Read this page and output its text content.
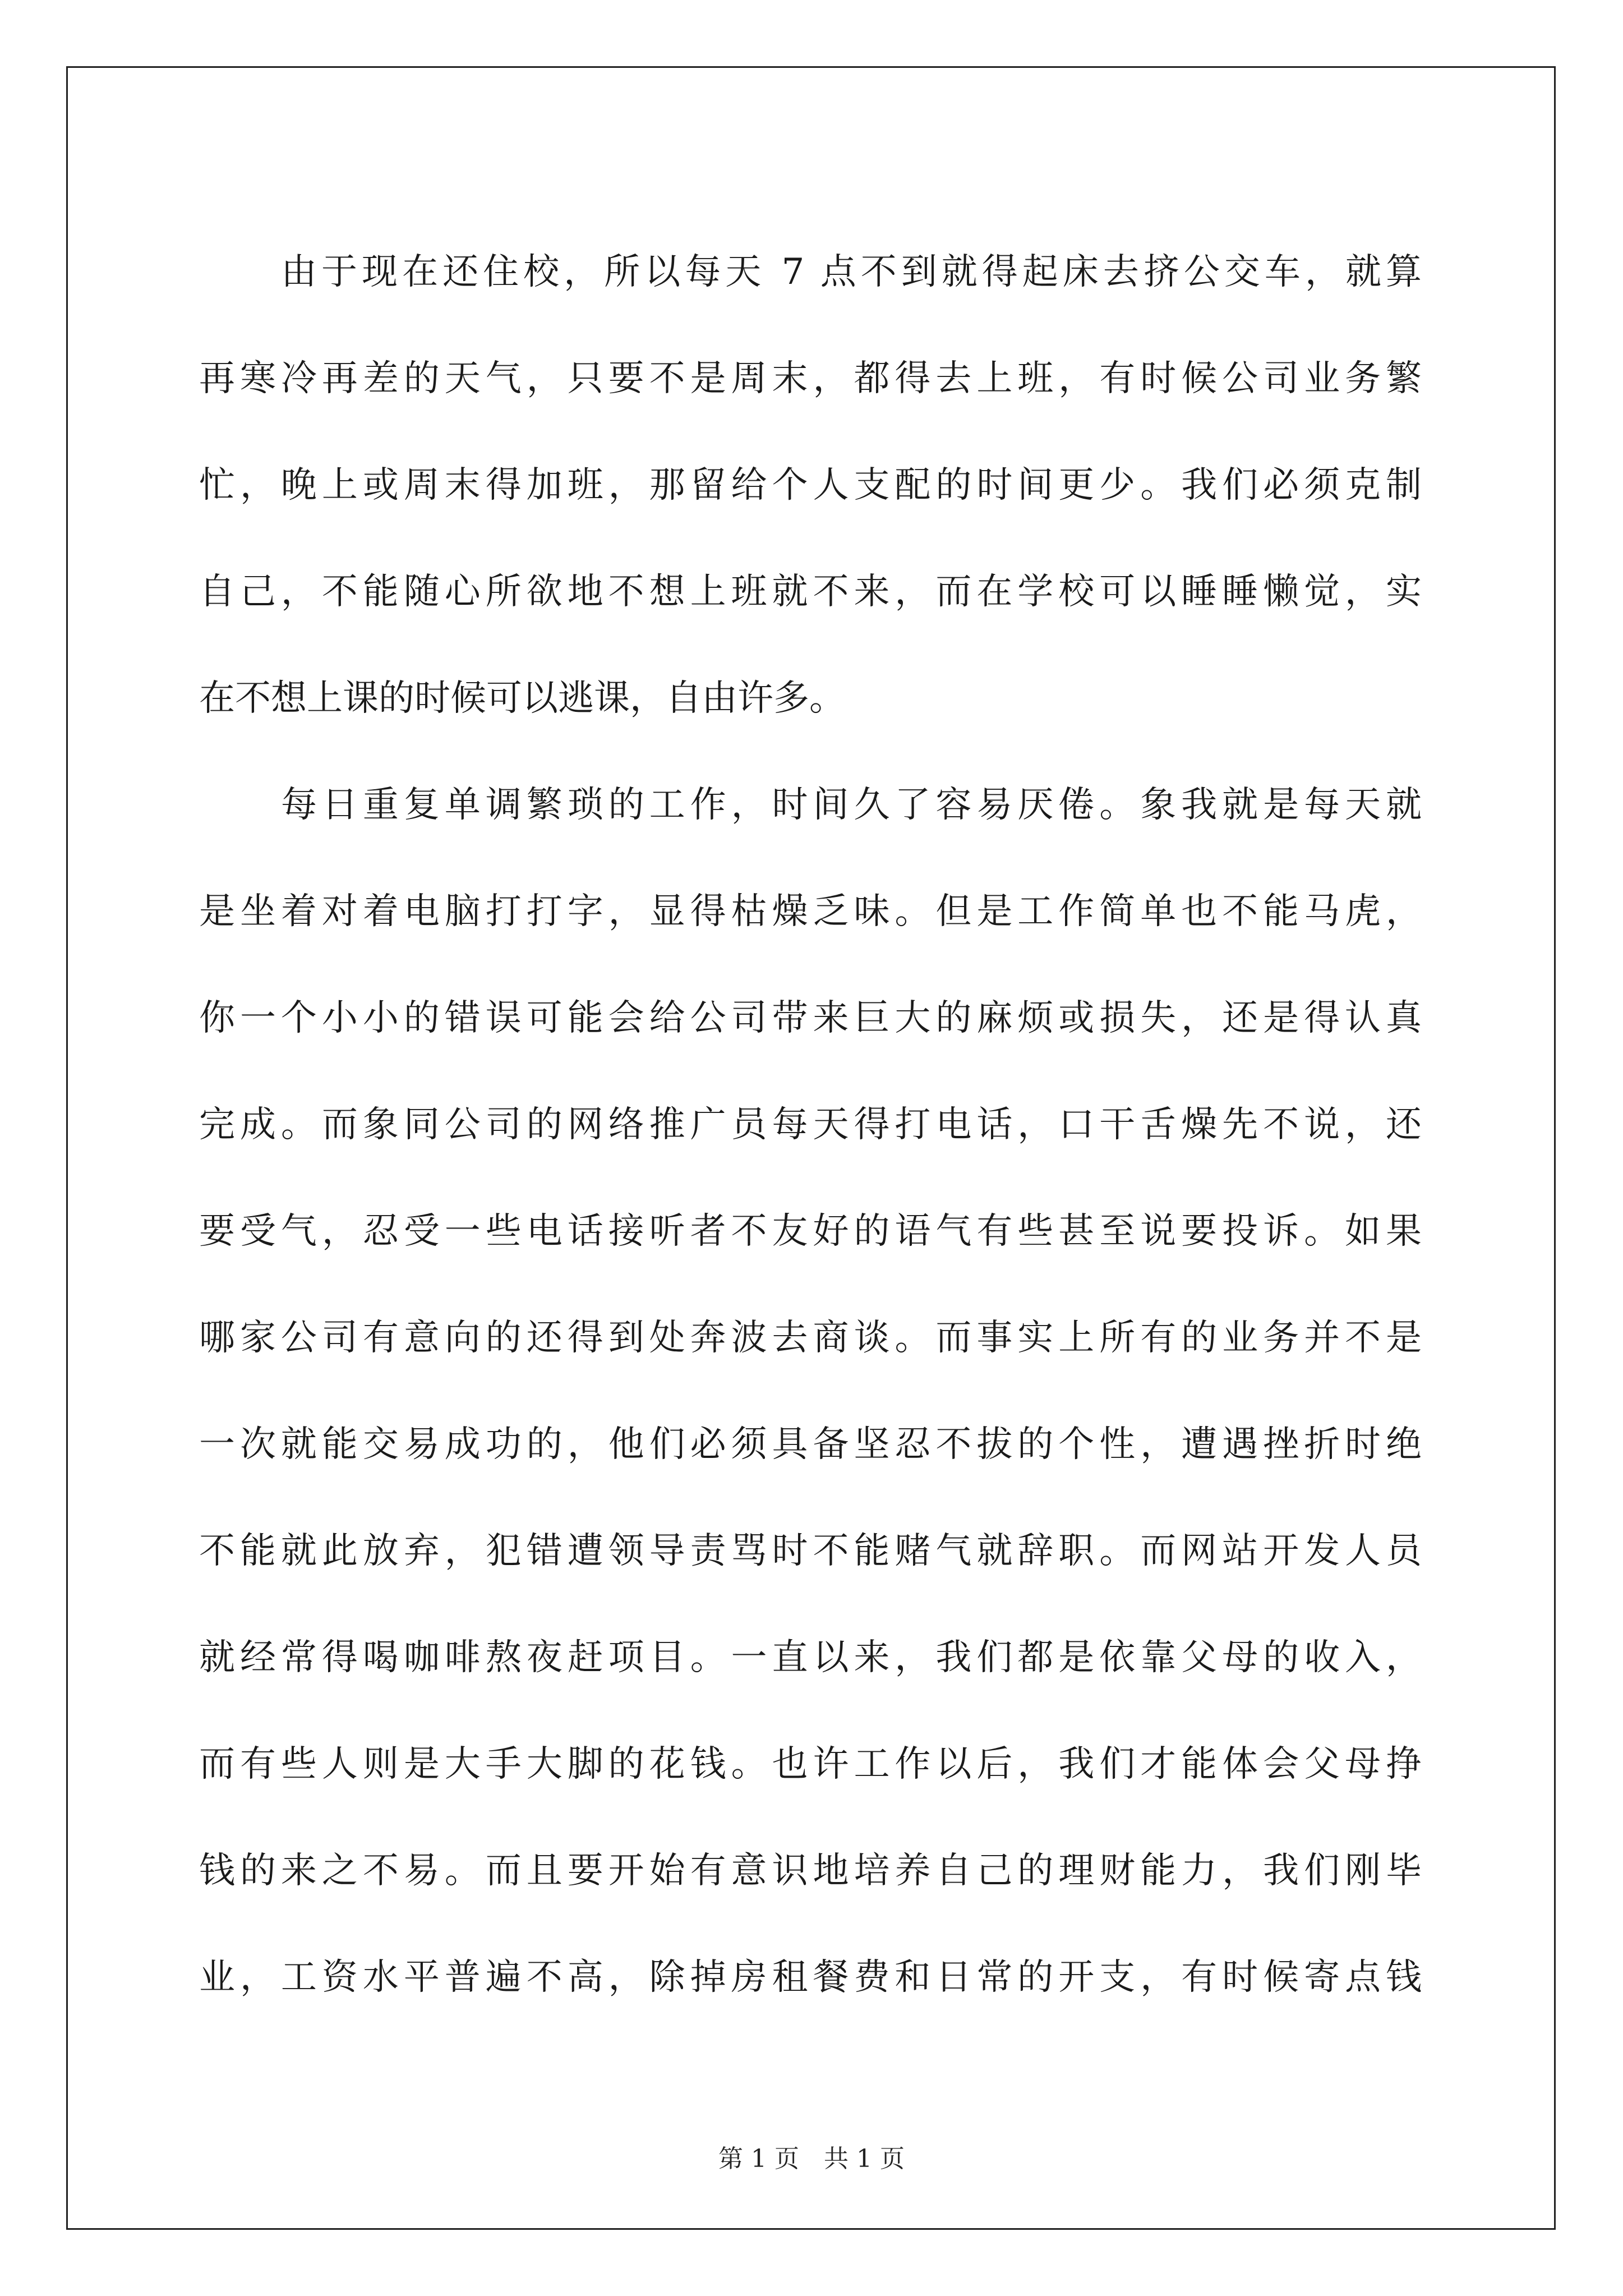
由于现在还住校，所以每天 7 点不到就得起床去挤公交车，就算
再寒冷再差的天气，只要不是周末，都得去上班，有时候公司业务繁
忙，晚上或周末得加班，那留给个人支配的时间更少。我们必须克制
自己，不能随心所欲地不想上班就不来，而在学校可以睡睡懒觉，实
在不想上课的时候可以逃课，自由许多。
每日重复单调繁琐的工作，时间久了容易厌倦。象我就是每天就
是坐着对着电脑打打字，显得枯燥乏味。但是工作简单也不能马虎，
你一个小小的错误可能会给公司带来巨大的麻烦或损失，还是得认真
完成。而象同公司的网络推广员每天得打电话，口干舌燥先不说，还
要受气，忍受一些电话接听者不友好的语气有些甚至说要投诉。如果
哪家公司有意向的还得到处奔波去商谈。而事实上所有的业务并不是
一次就能交易成功的，他们必须具备坚忍不拔的个性，遭遇挫折时绝
不能就此放弃，犯错遭领导责骂时不能赌气就辞职。而网站开发人员
就经常得喝咖啡熬夜赶项目。一直以来，我们都是依靠父母的收入，
而有些人则是大手大脚的花钱。也许工作以后，我们才能体会父母挣
钱的来之不易。而且要开始有意识地培养自己的理财能力，我们刚毕
业，工资水平普遍不高，除掉房租餐费和日常的开支，有时候寄点钱
第 1 页　共 1 页
